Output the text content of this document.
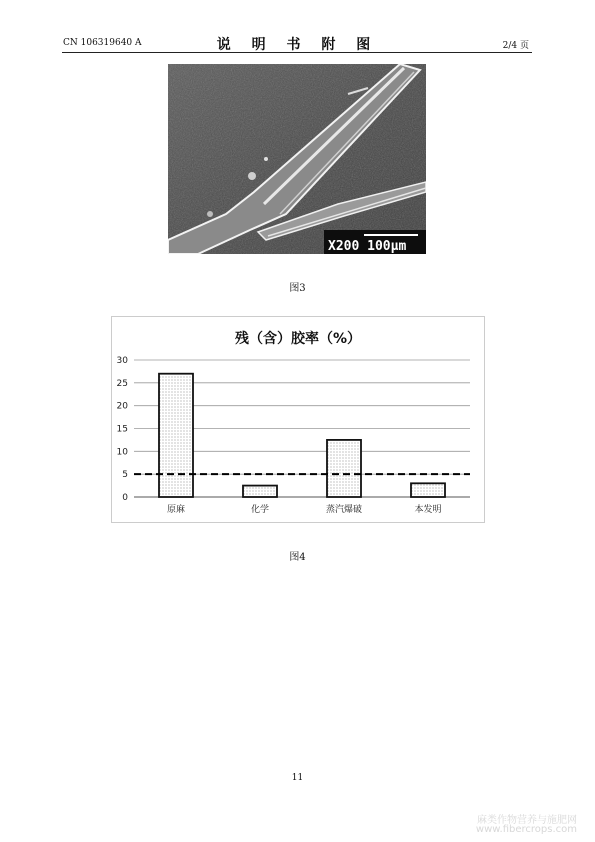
CN 106319640 A	说 明 书 附 图	2/4 页
X200 100μm
图3
残（含）胶率（%）
0
5
10
15
20
25
30
原麻	化学	蒸汽爆破	本发明
图4
11
麻类作物营养与施肥网
www.fibercrops.com
